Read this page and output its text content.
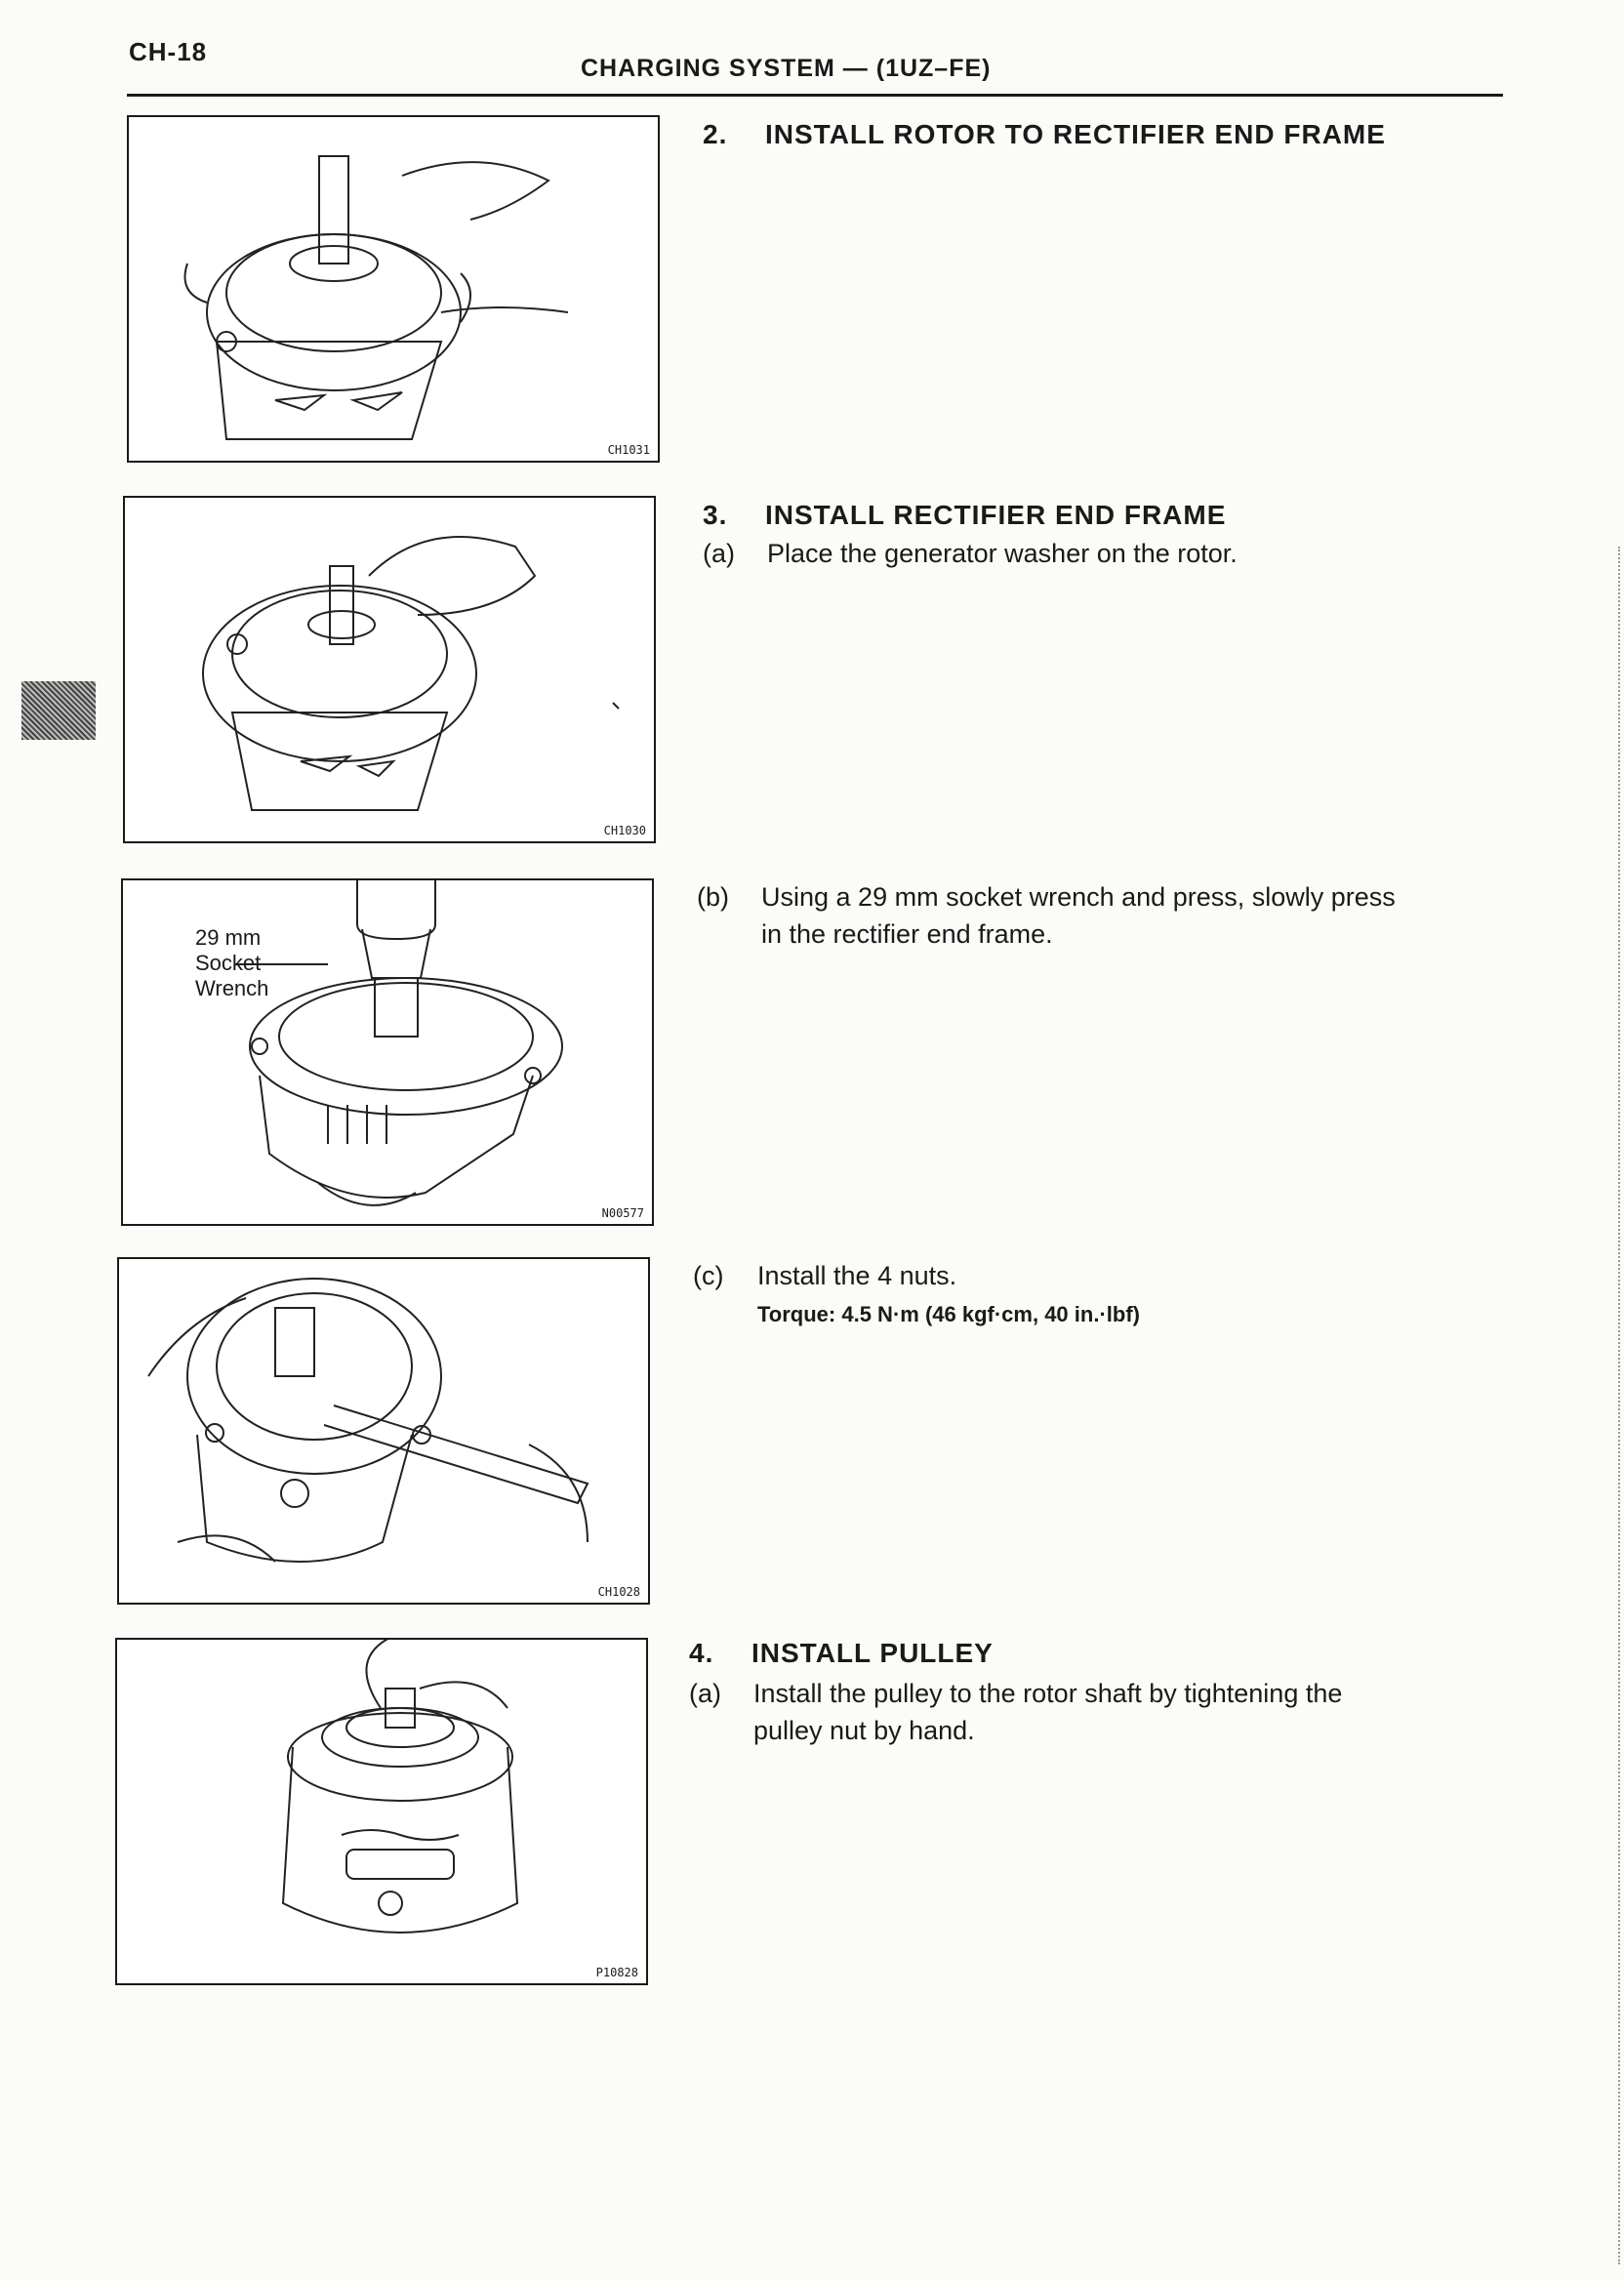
CH-18
CHARGING SYSTEM — (1UZ–FE)
CH1031
CH1030
29 mm
Socket
Wrench
N00577
CH1028
P10828
2. INSTALL ROTOR TO RECTIFIER END FRAME
3. INSTALL RECTIFIER END FRAME
(a) Place the generator washer on the rotor.
(b) Using a 29 mm socket wrench and press, slowly press
in the rectifier end frame.
(c) Install the 4 nuts.
Torque: 4.5 N·m (46 kgf·cm, 40 in.·lbf)
4. INSTALL PULLEY
(a) Install the pulley to the rotor shaft by tightening the
pulley nut by hand.
